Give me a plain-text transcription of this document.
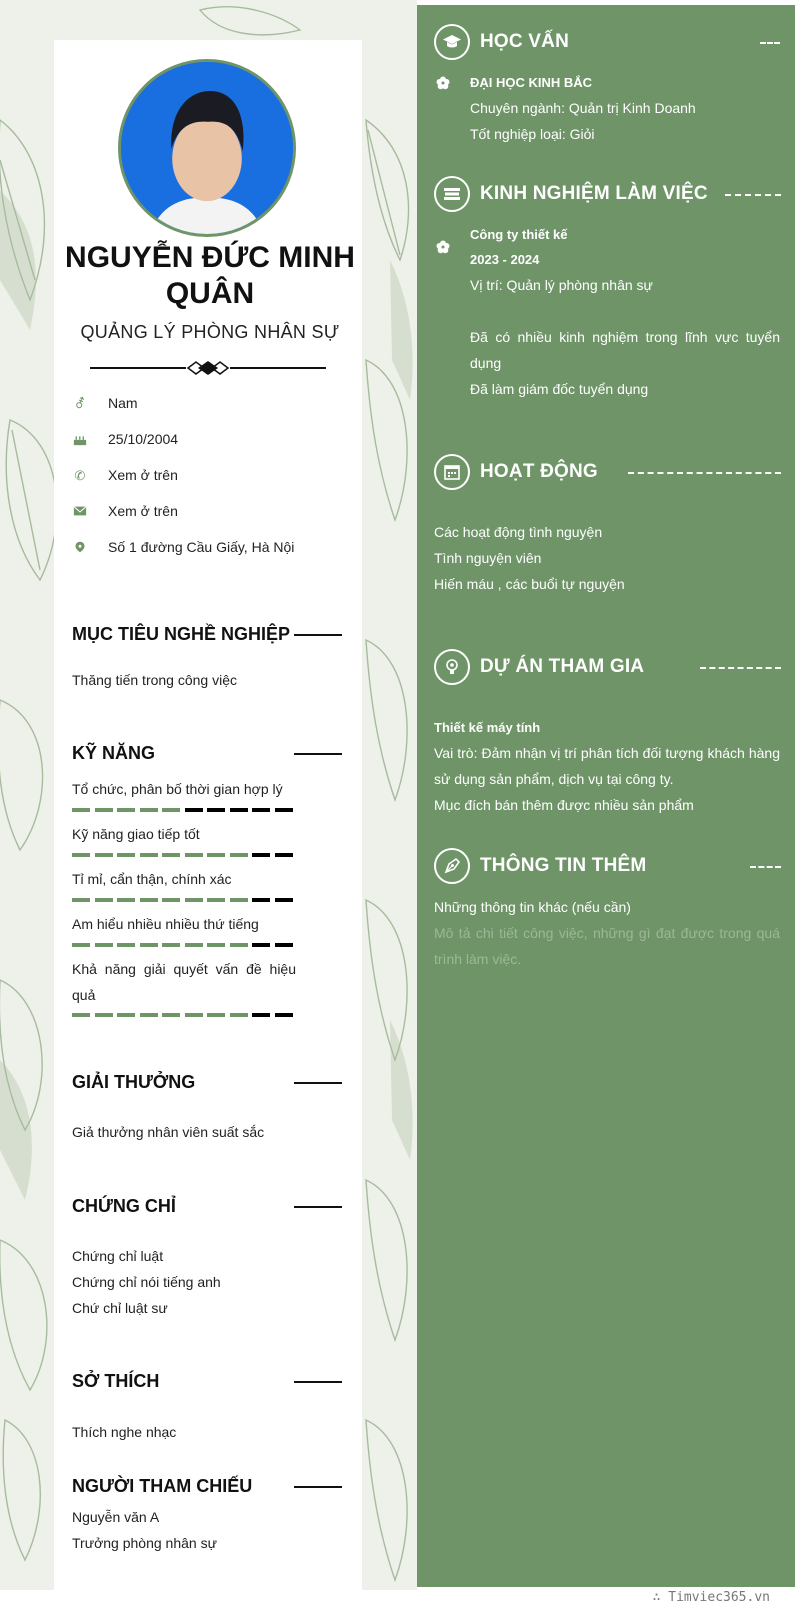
NGUYỄN ĐỨC MINH
QUÂN
QUẢNG LÝ PHÒNG NHÂN SỰ
⚦ Nam
25/10/2004
✆ Xem ở trên
Xem ở trên
Số 1 đường Cầu Giấy, Hà Nội
MỤC TIÊU NGHỀ NGHIỆP
Thăng tiến trong công việc
KỸ NĂNG
Tổ chức, phân bố thời gian hợp lý
Kỹ năng giao tiếp tốt
Tỉ mỉ, cẩn thận, chính xác
Am hiểu nhiều nhiều thứ tiếng
Khả năng giải quyết vấn đề hiệu
quả
GIẢI THƯỞNG
Giả thưởng nhân viên suất sắc
CHỨNG CHỈ
Chứng chỉ luật
Chứng chỉ nói tiếng anh
Chứ chỉ luật sư
SỞ THÍCH
Thích nghe nhạc
NGƯỜI THAM CHIẾU
Nguyễn văn A
Trưởng phòng nhân sự
HỌC VẤN
ĐẠI HỌC KINH BẮC
Chuyên ngành: Quản trị Kinh Doanh
Tốt nghiệp loại: Giỏi
KINH NGHIỆM LÀM VIỆC
Công ty thiết kế
2023 - 2024
Vị trí: Quản lý phòng nhân sự
Đã có nhiều kinh nghiệm trong lĩnh vực tuyển
dụng
Đã làm giám đốc tuyển dụng
HOẠT ĐỘNG
Các hoạt động tình nguyện
Tình nguyện viên
Hiến máu , các buổi tự nguyện
DỰ ÁN THAM GIA
Thiết kế máy tính
Vai trò: Đảm nhận vị trí phân tích đối tượng khách hàng
sử dụng sản phẩm, dịch vụ tại công ty.
Mục đích bán thêm được nhiều sản phẩm
THÔNG TIN THÊM
Những thông tin khác (nếu cần)
Mô tả chi tiết công việc, những gì đạt được trong quá
trình làm việc.
∴ Timviec365.vn
